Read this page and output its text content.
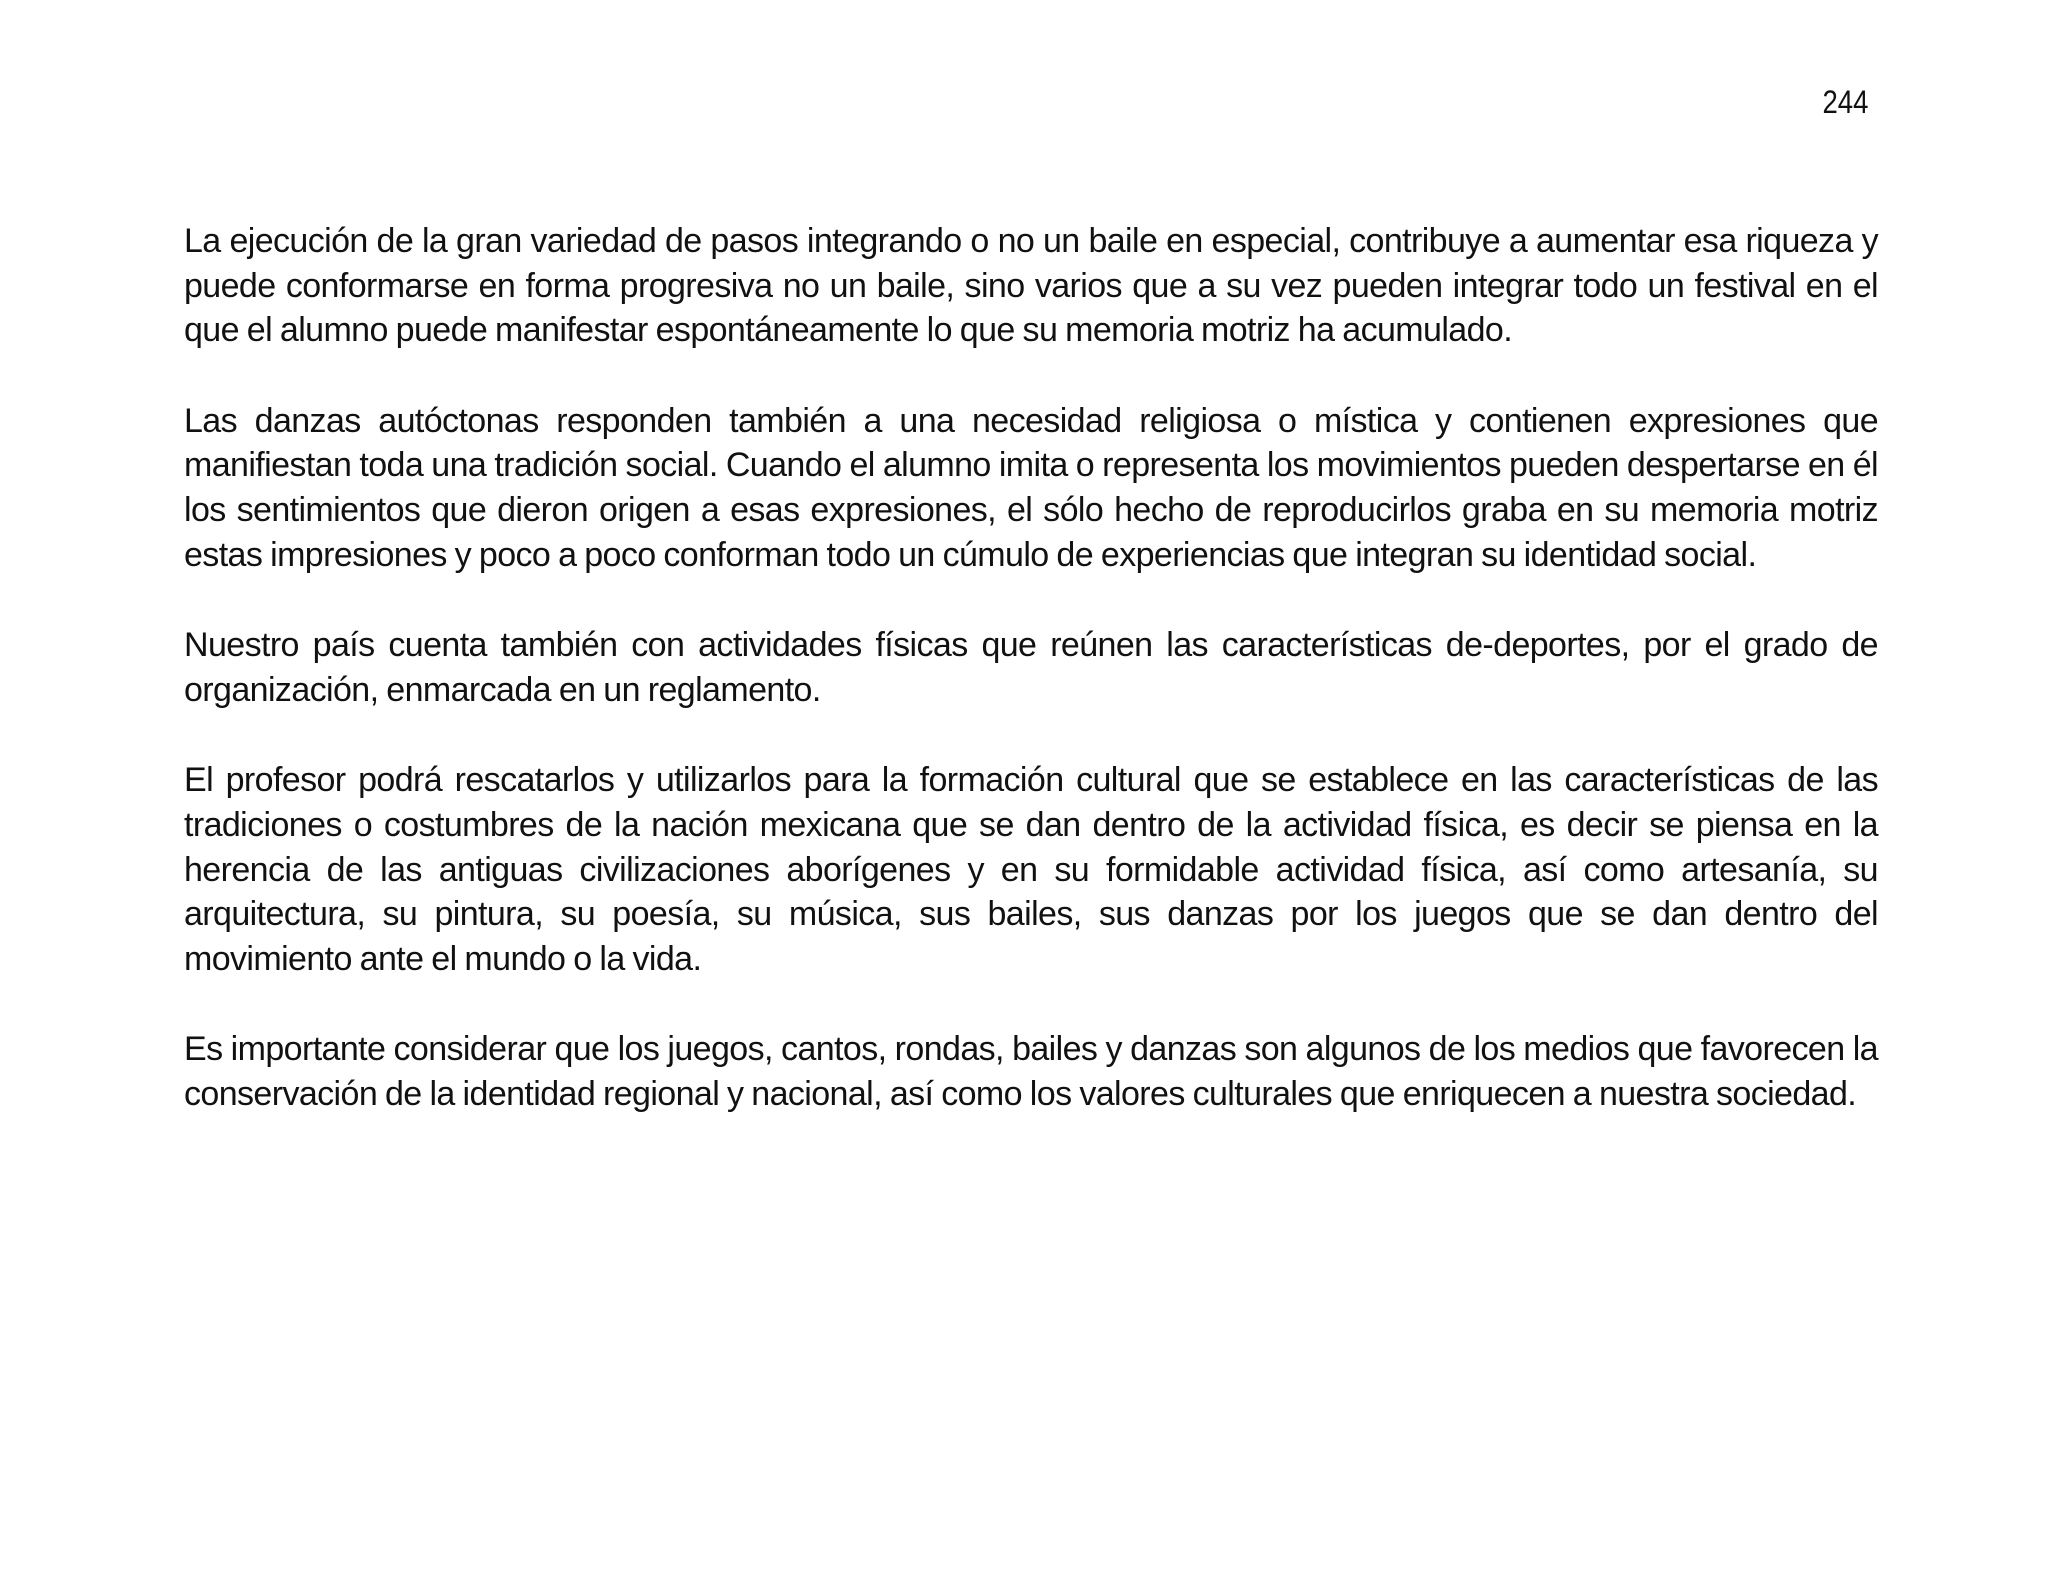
244

La ejecución de la gran variedad de pasos integrando o no un baile en especial, contribuye a aumentar esa riqueza y puede conformarse en forma progresiva no un baile, sino varios que a su vez pueden integrar todo un festival en el que el alumno puede manifestar espontáneamente lo que su memoria motriz ha acumulado.

Las danzas autóctonas responden también a una necesidad religiosa o mística y contienen expresiones que manifiestan toda una tradición social. Cuando el alumno imita o representa los movimientos pueden despertarse en él los sentimientos que dieron origen a esas expresiones, el sólo hecho de reproducirlos graba en su memoria motriz estas impresiones y poco a poco conforman todo un cúmulo de experiencias que integran su identidad social.

Nuestro país cuenta también con actividades físicas que reúnen las características de-deportes, por el grado de organización, enmarcada en un reglamento.

El profesor podrá rescatarlos y utilizarlos para la formación cultural que se establece en las características de las tradiciones o costumbres de la nación mexicana que se dan dentro de la actividad física, es decir se piensa en la herencia de las antiguas civilizaciones aborígenes y en su formidable actividad física, así como artesanía, su arquitectura, su pintura, su poesía, su música, sus bailes, sus danzas por los juegos que se dan dentro del movimiento ante el mundo o la vida.

Es importante considerar que los juegos, cantos, rondas, bailes y danzas son algunos de los medios que favorecen la conservación de la identidad regional y nacional, así como los valores culturales que enriquecen a nuestra sociedad.
